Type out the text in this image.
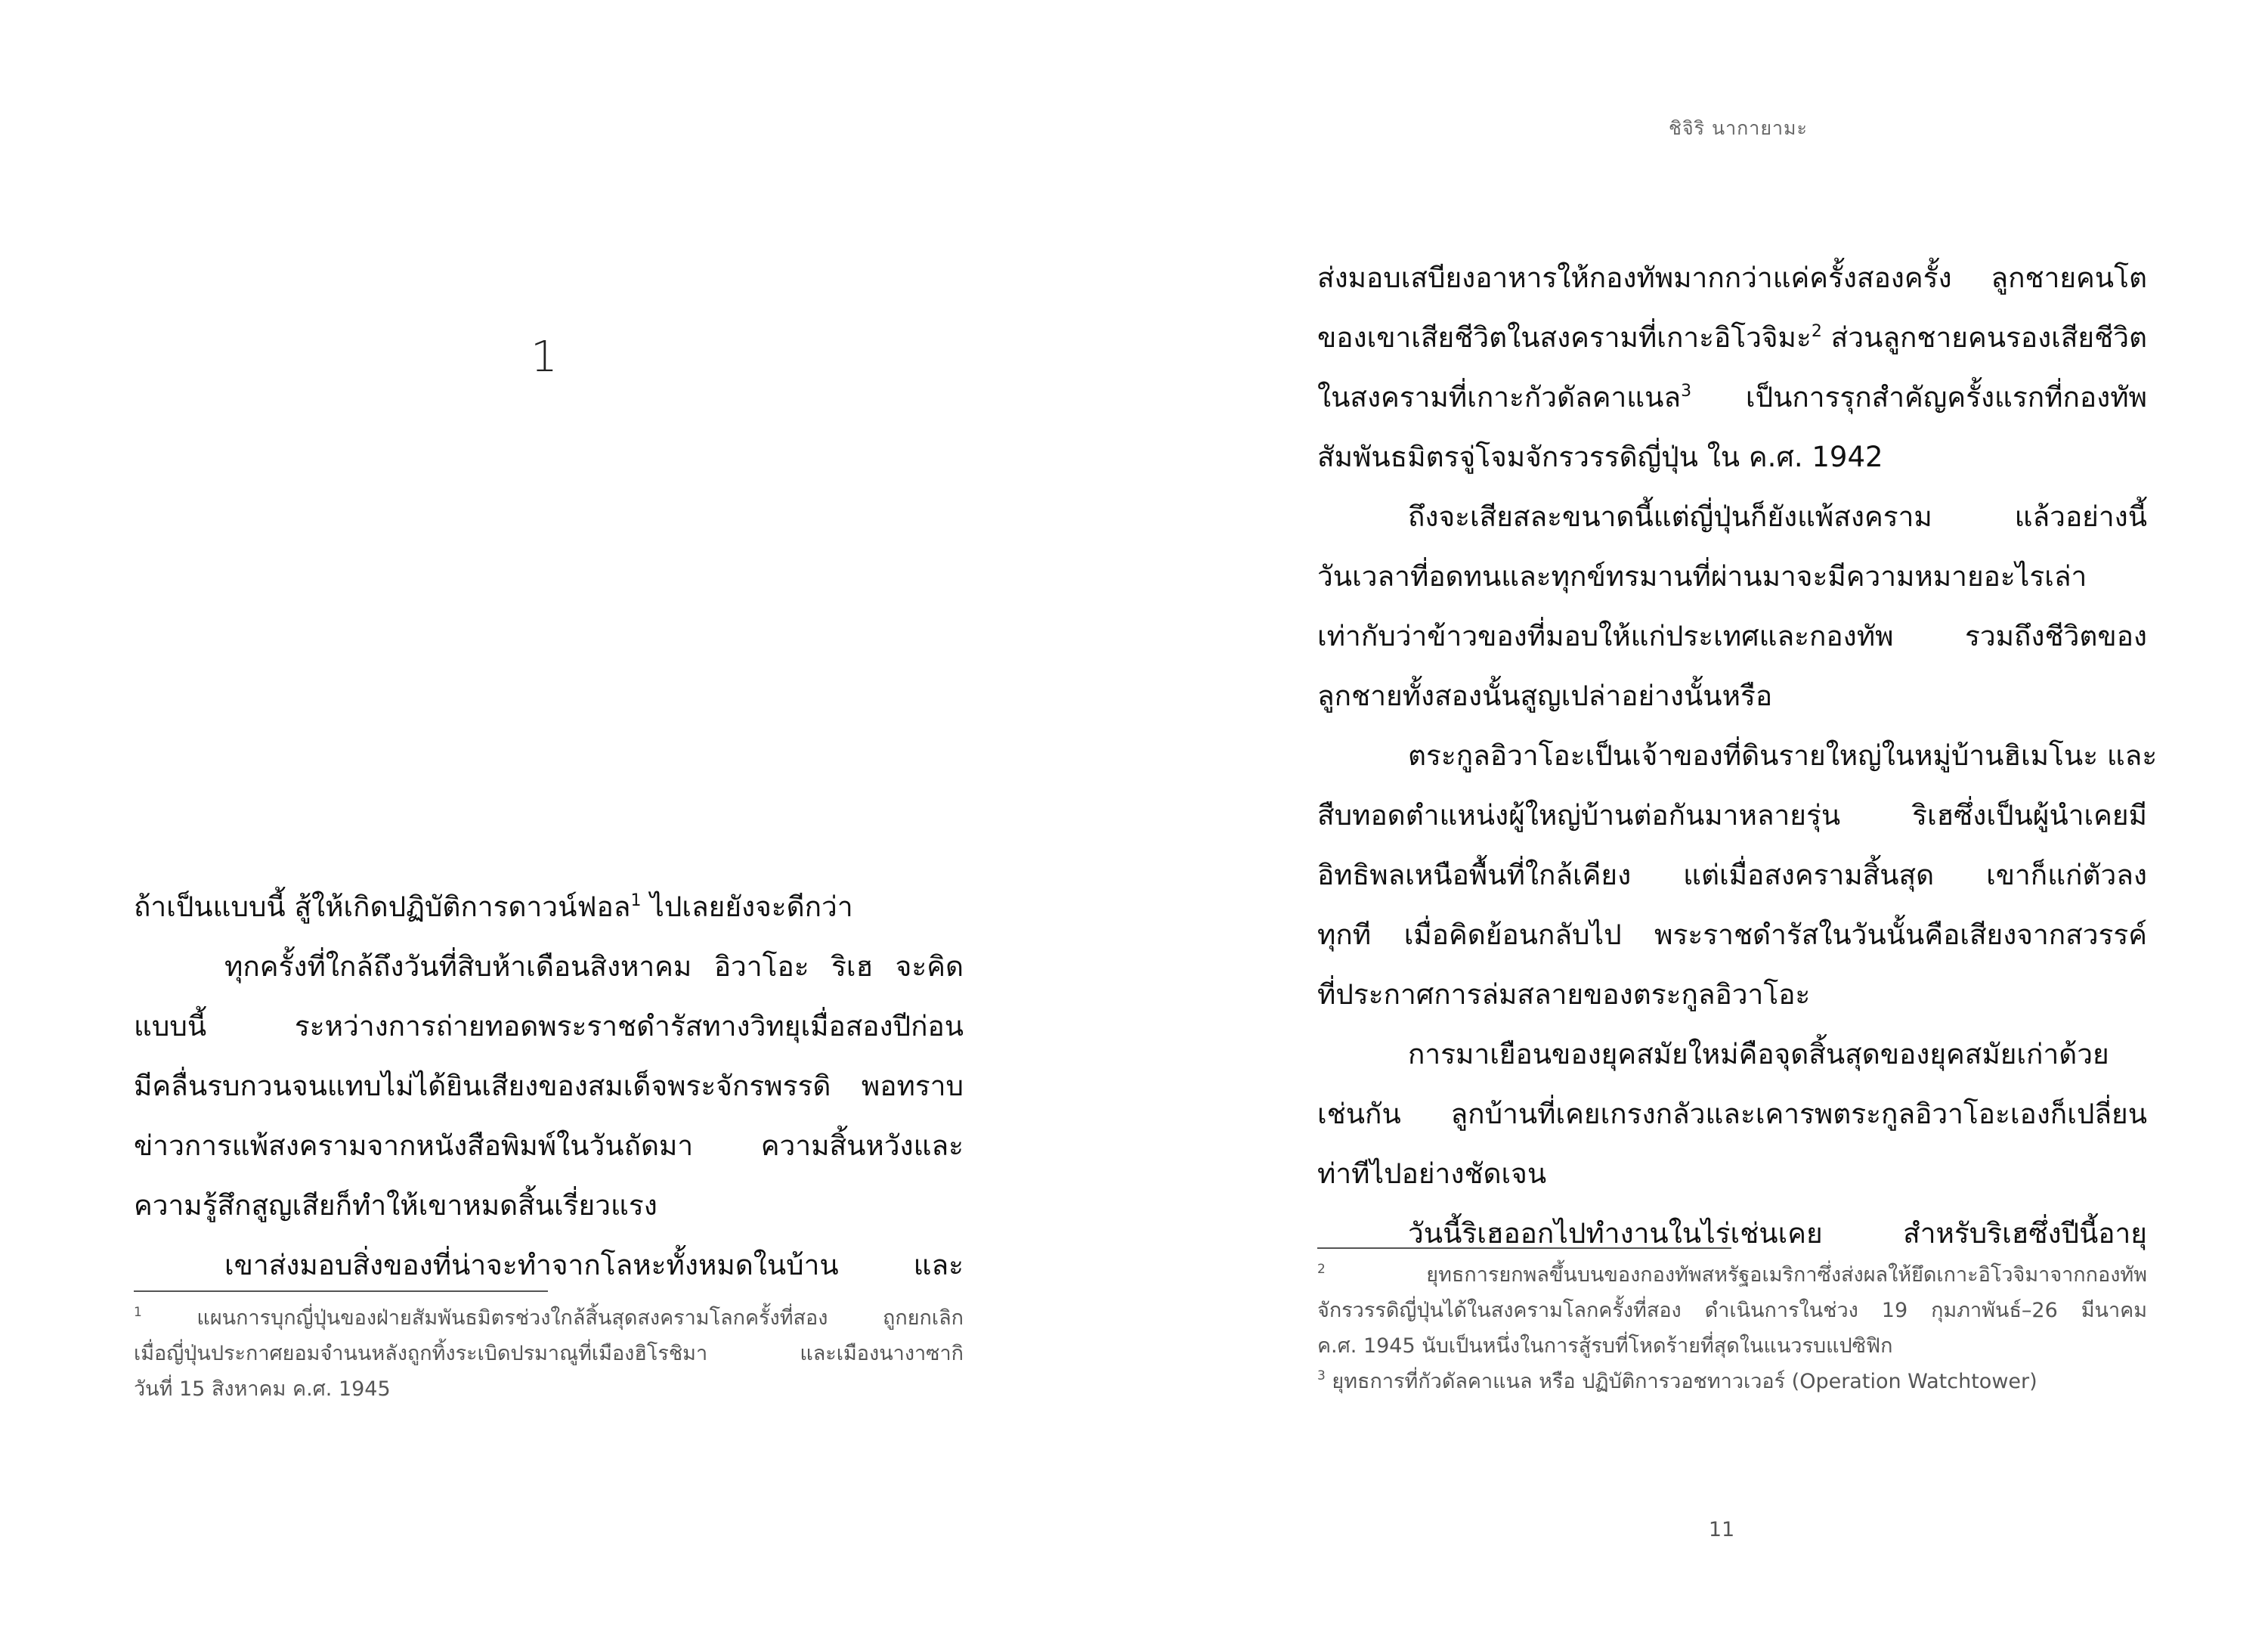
ชิจิริ นากายามะ
1
ถ้าเป็นแบบนี้ สู้ให้เกิดปฏิบัติการดาวน์ฟอล$^1$ ไปเลยยังจะดีกว่า
ทุกครั้งที่ใกล้ถึงวันที่สิบห้าเดือนสิงหาคม อิวาโอะ ริเฮ จะคิด
แบบนี้ ระหว่างการถ่ายทอดพระราชดำรัสทางวิทยุเมื่อสองปีก่อน
มีคลื่นรบกวนจนแทบไม่ได้ยินเสียงของสมเด็จพระจักรพรรดิ พอทราบ
ข่าวการแพ้สงครามจากหนังสือพิมพ์ในวันถัดมา ความสิ้นหวังและ
ความรู้สึกสูญเสียก็ทำให้เขาหมดสิ้นเรี่ยวแรง
เขาส่งมอบสิ่งของที่น่าจะทำจากโลหะทั้งหมดในบ้าน และ
$^1$ แผนการบุกญี่ปุ่นของฝ่ายสัมพันธมิตรช่วงใกล้สิ้นสุดสงครามโลกครั้งที่สอง ถูกยกเลิก
เมื่อญี่ปุ่นประกาศยอมจำนนหลังถูกทิ้งระเบิดปรมาณูที่เมืองฮิโรชิมา และเมืองนางาซากิ
วันที่ 15 สิงหาคม ค.ศ. 1945
ส่งมอบเสบียงอาหารให้กองทัพมากกว่าแค่ครั้งสองครั้ง ลูกชายคนโต
ของเขาเสียชีวิตในสงครามที่เกาะอิโวจิมะ$^2$ ส่วนลูกชายคนรองเสียชีวิต
ในสงครามที่เกาะกัวดัลคาแนล$^3$ เป็นการรุกสำคัญครั้งแรกที่กองทัพ
สัมพันธมิตรจู่โจมจักรวรรดิญี่ปุ่น ใน ค.ศ. 1942
ถึงจะเสียสละขนาดนี้แต่ญี่ปุ่นก็ยังแพ้สงคราม แล้วอย่างนี้
วันเวลาที่อดทนและทุกข์ทรมานที่ผ่านมาจะมีความหมายอะไรเล่า
เท่ากับว่าข้าวของที่มอบให้แก่ประเทศและกองทัพ รวมถึงชีวิตของ
ลูกชายทั้งสองนั้นสูญเปล่าอย่างนั้นหรือ
ตระกูลอิวาโอะเป็นเจ้าของที่ดินรายใหญ่ในหมู่บ้านฮิเมโนะ และ
สืบทอดตำแหน่งผู้ใหญ่บ้านต่อกันมาหลายรุ่น ริเฮซึ่งเป็นผู้นำเคยมี
อิทธิพลเหนือพื้นที่ใกล้เคียง แต่เมื่อสงครามสิ้นสุด เขาก็แก่ตัวลง
ทุกที เมื่อคิดย้อนกลับไป พระราชดำรัสในวันนั้นคือเสียงจากสวรรค์
ที่ประกาศการล่มสลายของตระกูลอิวาโอะ
การมาเยือนของยุคสมัยใหม่คือจุดสิ้นสุดของยุคสมัยเก่าด้วย
เช่นกัน ลูกบ้านที่เคยเกรงกลัวและเคารพตระกูลอิวาโอะเองก็เปลี่ยน
ท่าทีไปอย่างชัดเจน
วันนี้ริเฮออกไปทำงานในไร่เช่นเคย สำหรับริเฮซึ่งปีนี้อายุ
$^2$ ยุทธการยกพลขึ้นบนของกองทัพสหรัฐอเมริกาซึ่งส่งผลให้ยึดเกาะอิโวจิมาจากกองทัพ
จักรวรรดิญี่ปุ่นได้ในสงครามโลกครั้งที่สอง ดำเนินการในช่วง 19 กุมภาพันธ์–26 มีนาคม
ค.ศ. 1945 นับเป็นหนึ่งในการสู้รบที่โหดร้ายที่สุดในแนวรบแปซิฟิก
$^3$ ยุทธการที่กัวดัลคาแนล หรือ ปฏิบัติการวอชทาวเวอร์ (Operation Watchtower)
11
